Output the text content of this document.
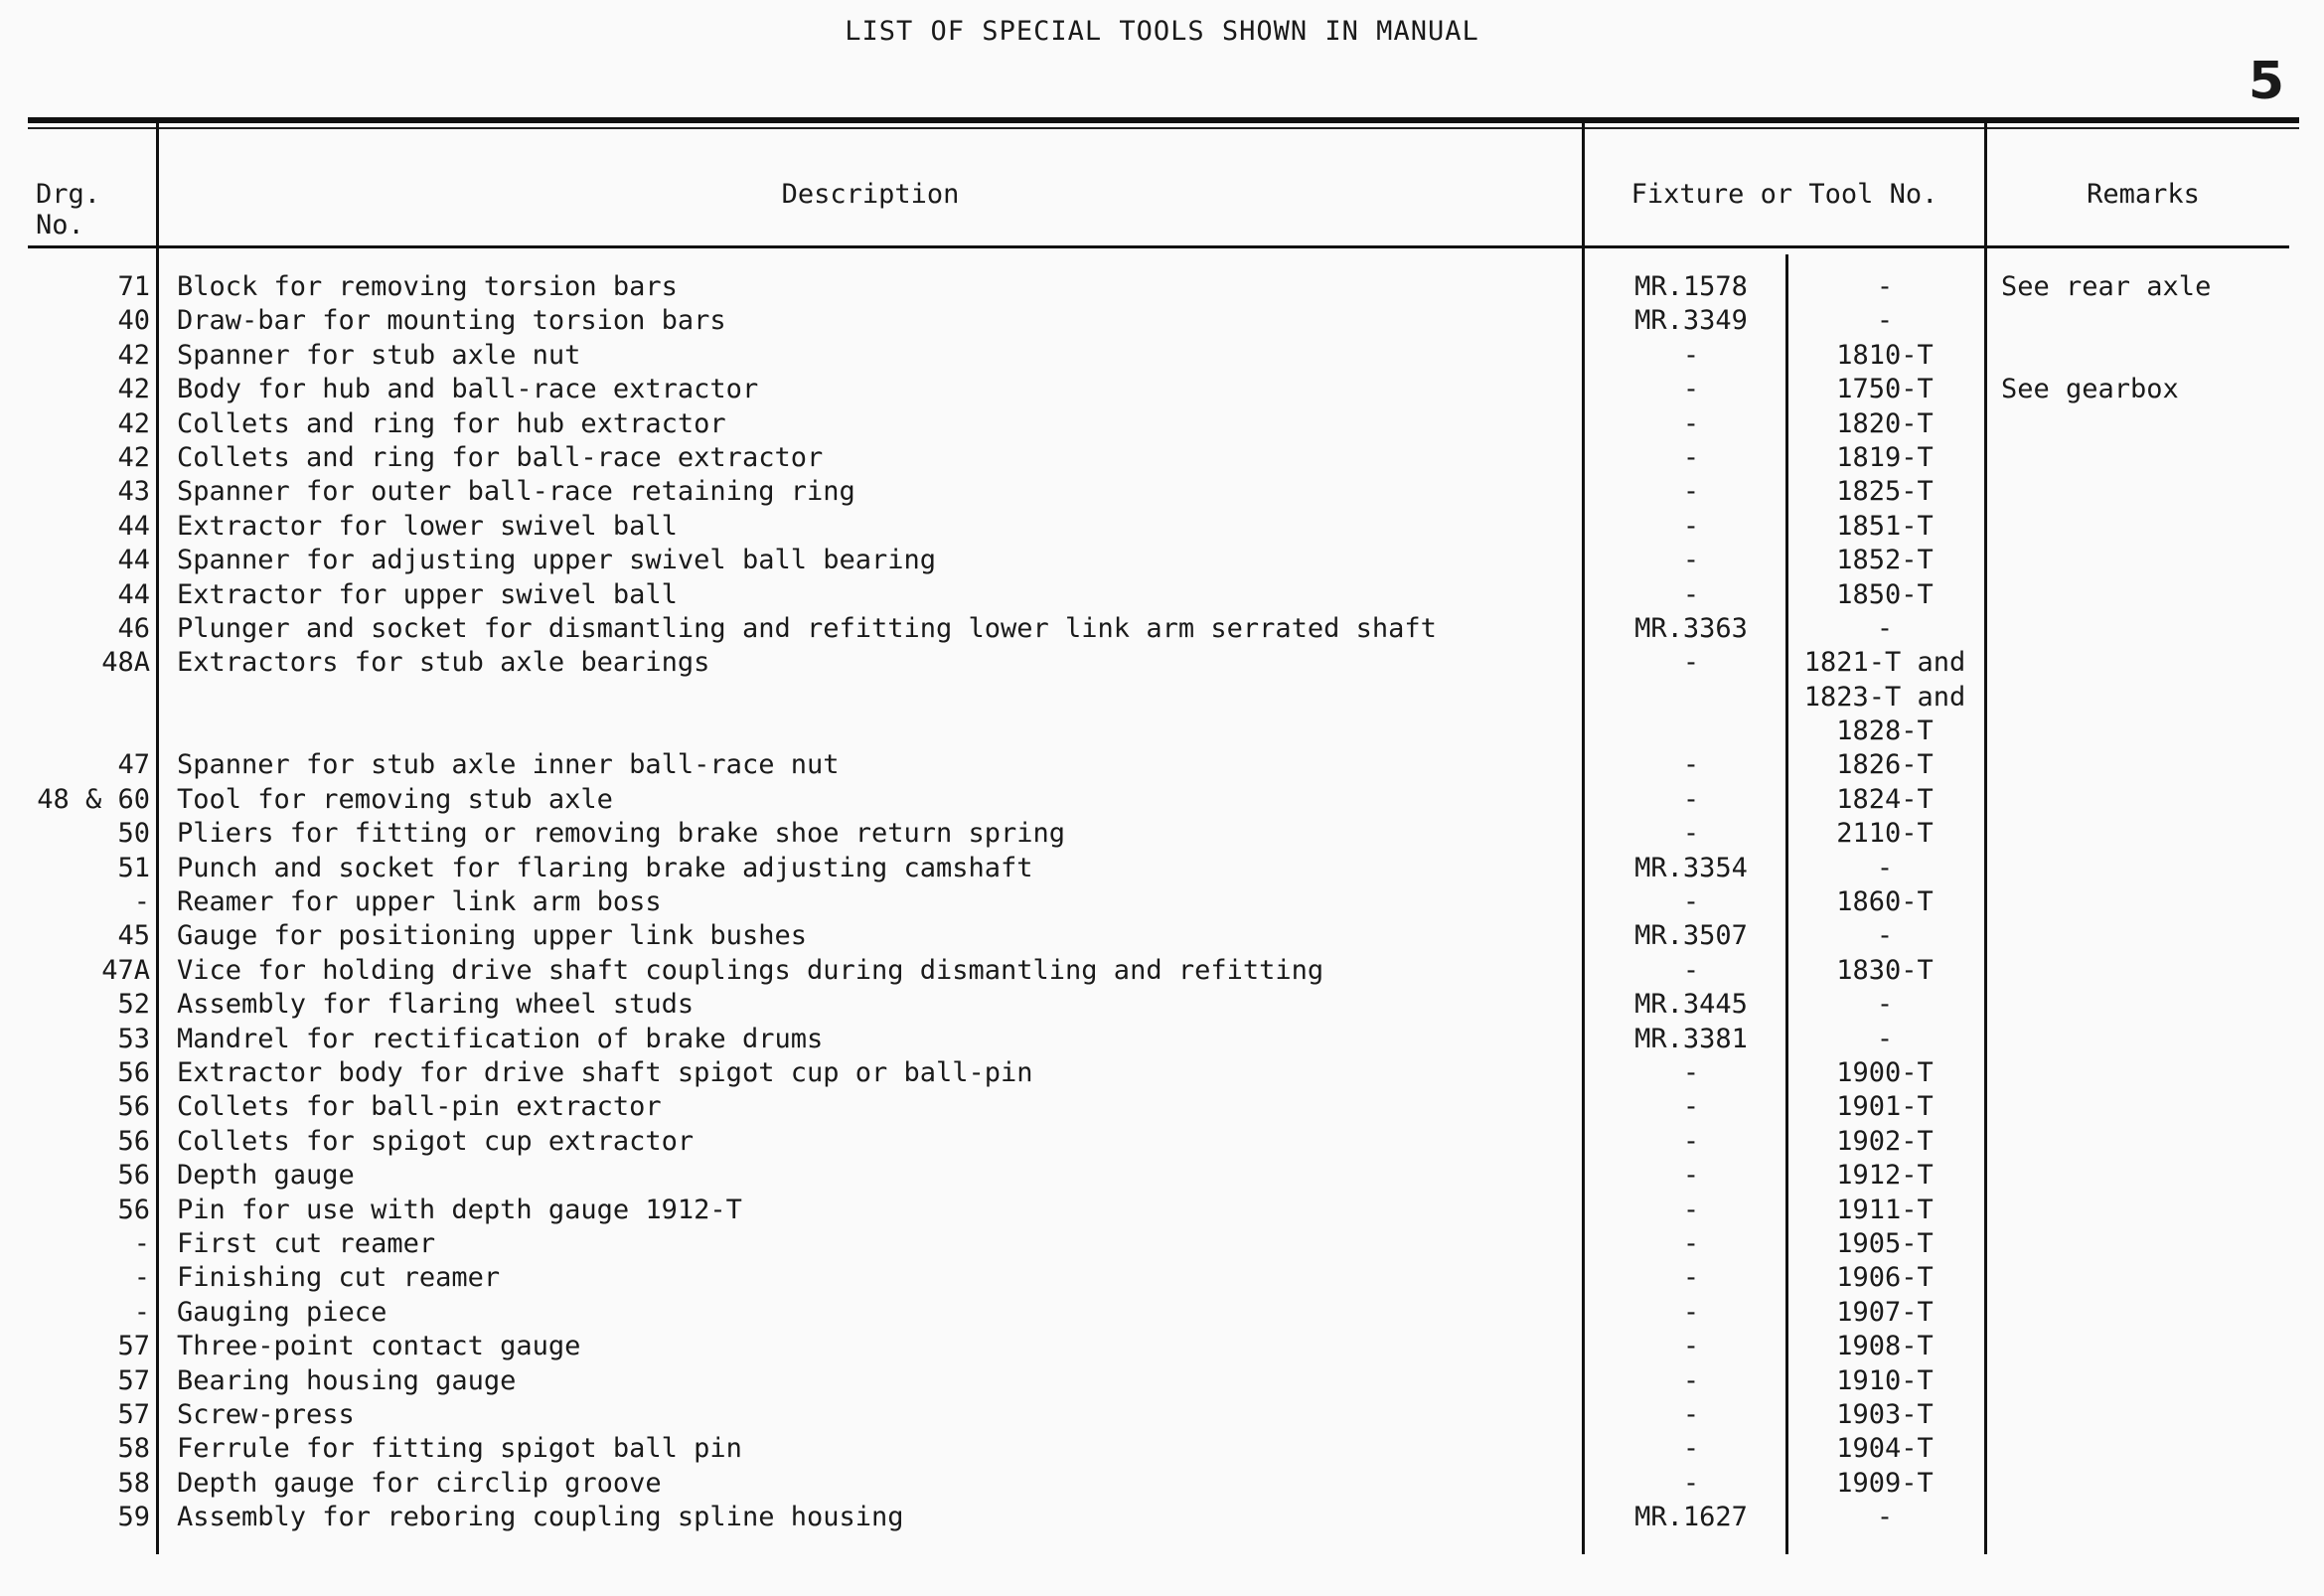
LIST OF SPECIAL TOOLS SHOWN IN MANUAL
5
Drg. No.
Description	Fixture or Tool No.	Remarks
71 Block for removing torsion bars	MR.1578	-	See rear axle
40 Draw-bar for mounting torsion bars	MR.3349	-
42 Spanner for stub axle nut	-	1810-T
42 Body for hub and ball-race extractor	-	1750-T	See gearbox
42 Collets and ring for hub extractor	-	1820-T
42 Collets and ring for ball-race extractor	-	1819-T
43 Spanner for outer ball-race retaining ring	-	1825-T
44 Extractor for lower swivel ball	-	1851-T
44 Spanner for adjusting upper swivel ball bearing	-	1852-T
44 Extractor for upper swivel ball	-	1850-T
46 Plunger and socket for dismantling and refitting lower link arm serrated shaft	MR.3363	-
48A Extractors for stub axle bearings	-	1821-T and
1823-T and
1828-T
47 Spanner for stub axle inner ball-race nut	-	1826-T
48 & 60 Tool for removing stub axle	-	1824-T
50 Pliers for fitting or removing brake shoe return spring	-	2110-T
51 Punch and socket for flaring brake adjusting camshaft	MR.3354	-
- Reamer for upper link arm boss	-	1860-T
45 Gauge for positioning upper link bushes	MR.3507	-
47A Vice for holding drive shaft couplings during dismantling and refitting	-	1830-T
52 Assembly for flaring wheel studs	MR.3445	-
53 Mandrel for rectification of brake drums	MR.3381	-
56 Extractor body for drive shaft spigot cup or ball-pin	-	1900-T
56 Collets for ball-pin extractor	-	1901-T
56 Collets for spigot cup extractor	-	1902-T
56 Depth gauge	-	1912-T
56 Pin for use with depth gauge 1912-T	-	1911-T
- First cut reamer	-	1905-T
- Finishing cut reamer	-	1906-T
- Gauging piece	-	1907-T
57 Three-point contact gauge	-	1908-T
57 Bearing housing gauge	-	1910-T
57 Screw-press	-	1903-T
58 Ferrule for fitting spigot ball pin	-	1904-T
58 Depth gauge for circlip groove	-	1909-T
59 Assembly for reboring coupling spline housing	MR.1627	-
